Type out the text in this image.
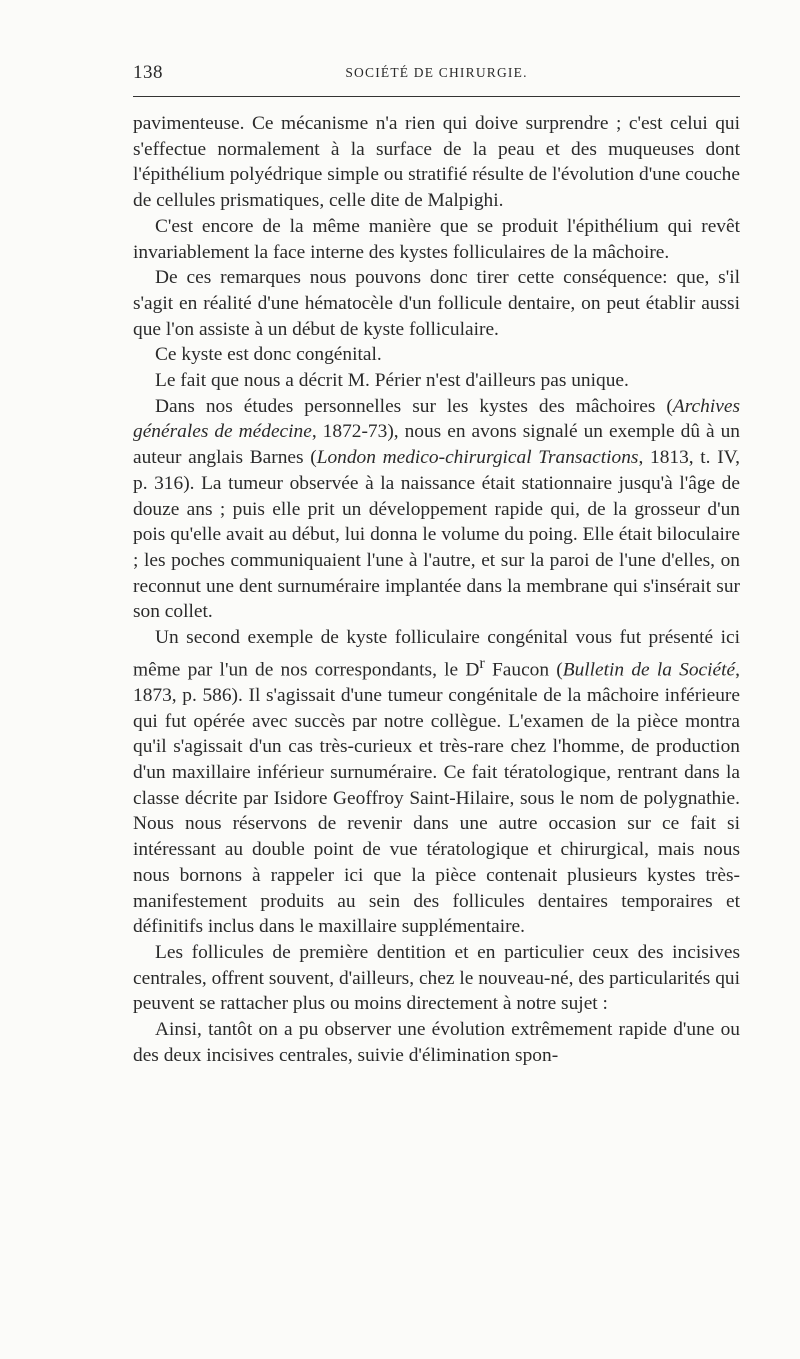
138	SOCIÉTÉ DE CHIRURGIE.

pavimenteuse. Ce mécanisme n'a rien qui doive surprendre ; c'est celui qui s'effectue normalement à la surface de la peau et des muqueuses dont l'épithélium polyédrique simple ou stratifié résulte de l'évolution d'une couche de cellules prismatiques, celle dite de Malpighi.

C'est encore de la même manière que se produit l'épithélium qui revêt invariablement la face interne des kystes folliculaires de la mâchoire.

De ces remarques nous pouvons donc tirer cette conséquence: que, s'il s'agit en réalité d'une hématocèle d'un follicule dentaire, on peut établir aussi que l'on assiste à un début de kyste folliculaire.

Ce kyste est donc congénital.

Le fait que nous a décrit M. Périer n'est d'ailleurs pas unique.

Dans nos études personnelles sur les kystes des mâchoires (Archives générales de médecine, 1872-73), nous en avons signalé un exemple dû à un auteur anglais Barnes (London medico-chirurgical Transactions, 1813, t. IV, p. 316). La tumeur observée à la naissance était stationnaire jusqu'à l'âge de douze ans ; puis elle prit un développement rapide qui, de la grosseur d'un pois qu'elle avait au début, lui donna le volume du poing. Elle était biloculaire ; les poches communiquaient l'une à l'autre, et sur la paroi de l'une d'elles, on reconnut une dent surnuméraire implantée dans la membrane qui s'insérait sur son collet.

Un second exemple de kyste folliculaire congénital vous fut présenté ici même par l'un de nos correspondants, le $D^r$ Faucon (Bulletin de la Société, 1873, p. 586). Il s'agissait d'une tumeur congénitale de la mâchoire inférieure qui fut opérée avec succès par notre collègue. L'examen de la pièce montra qu'il s'agissait d'un cas très-curieux et très-rare chez l'homme, de production d'un maxillaire inférieur surnuméraire. Ce fait tératologique, rentrant dans la classe décrite par Isidore Geoffroy Saint-Hilaire, sous le nom de polygnathie. Nous nous réservons de revenir dans une autre occasion sur ce fait si intéressant au double point de vue tératologique et chirurgical, mais nous nous bornons à rappeler ici que la pièce contenait plusieurs kystes très-manifestement produits au sein des follicules dentaires temporaires et définitifs inclus dans le maxillaire supplémentaire.

Les follicules de première dentition et en particulier ceux des incisives centrales, offrent souvent, d'ailleurs, chez le nouveau-né, des particularités qui peuvent se rattacher plus ou moins directement à notre sujet :

Ainsi, tantôt on a pu observer une évolution extrêmement rapide d'une ou des deux incisives centrales, suivie d'élimination spon-
